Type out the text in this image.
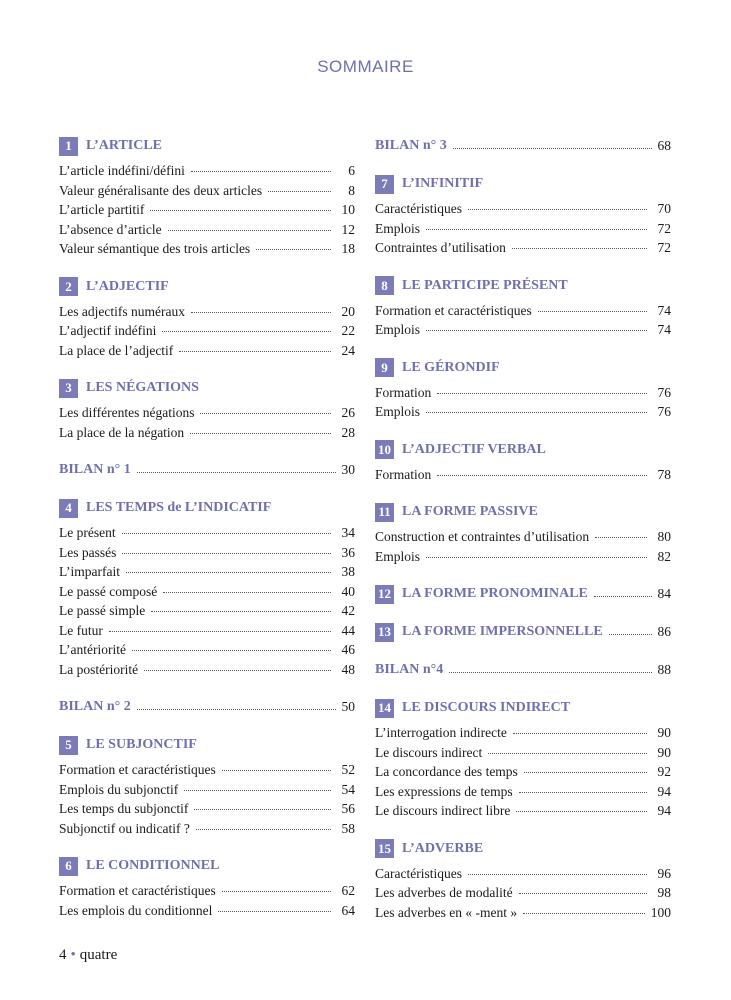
SOMMAIRE
1	L’ARTICLE
L’article indéfini/défini	6
Valeur généralisante des deux articles	8
L’article partitif	10
L’absence d’article	12
Valeur sémantique des trois articles	18
2	L’ADJECTIF
Les adjectifs numéraux	20
L’adjectif indéfini	22
La place de l’adjectif	24
3	LES NÉGATIONS
Les différentes négations	26
La place de la négation	28
BILAN n° 1	30
4	LES TEMPS de L’INDICATIF
Le présent	34
Les passés	36
L’imparfait	38
Le passé composé	40
Le passé simple	42
Le futur	44
L’antériorité	46
La postériorité	48
BILAN n° 2	50
5	LE SUBJONCTIF
Formation et caractéristiques	52
Emplois du subjonctif	54
Les temps du subjonctif	56
Subjonctif ou indicatif ?	58
6	LE CONDITIONNEL
Formation et caractéristiques	62
Les emplois du conditionnel	64
BILAN n° 3	68
7	L’INFINITIF
Caractéristiques	70
Emplois	72
Contraintes d’utilisation	72
8	LE PARTICIPE PRÉSENT
Formation et caractéristiques	74
Emplois	74
9	LE GÉRONDIF
Formation	76
Emplois	76
10 L’ADJECTIF VERBAL
Formation	78
11 LA FORME PASSIVE
Construction et contraintes d’utilisation	80
Emplois	82
12 LA FORME PRONOMINALE	84
13 LA FORME IMPERSONNELLE	86
BILAN n°4	88
14 LE DISCOURS INDIRECT
L’interrogation indirecte	90
Le discours indirect	90
La concordance des temps	92
Les expressions de temps	94
Le discours indirect libre	94
15 L’ADVERBE
Caractéristiques	96
Les adverbes de modalité	98
Les adverbes en « -ment »	100
4 • quatre
